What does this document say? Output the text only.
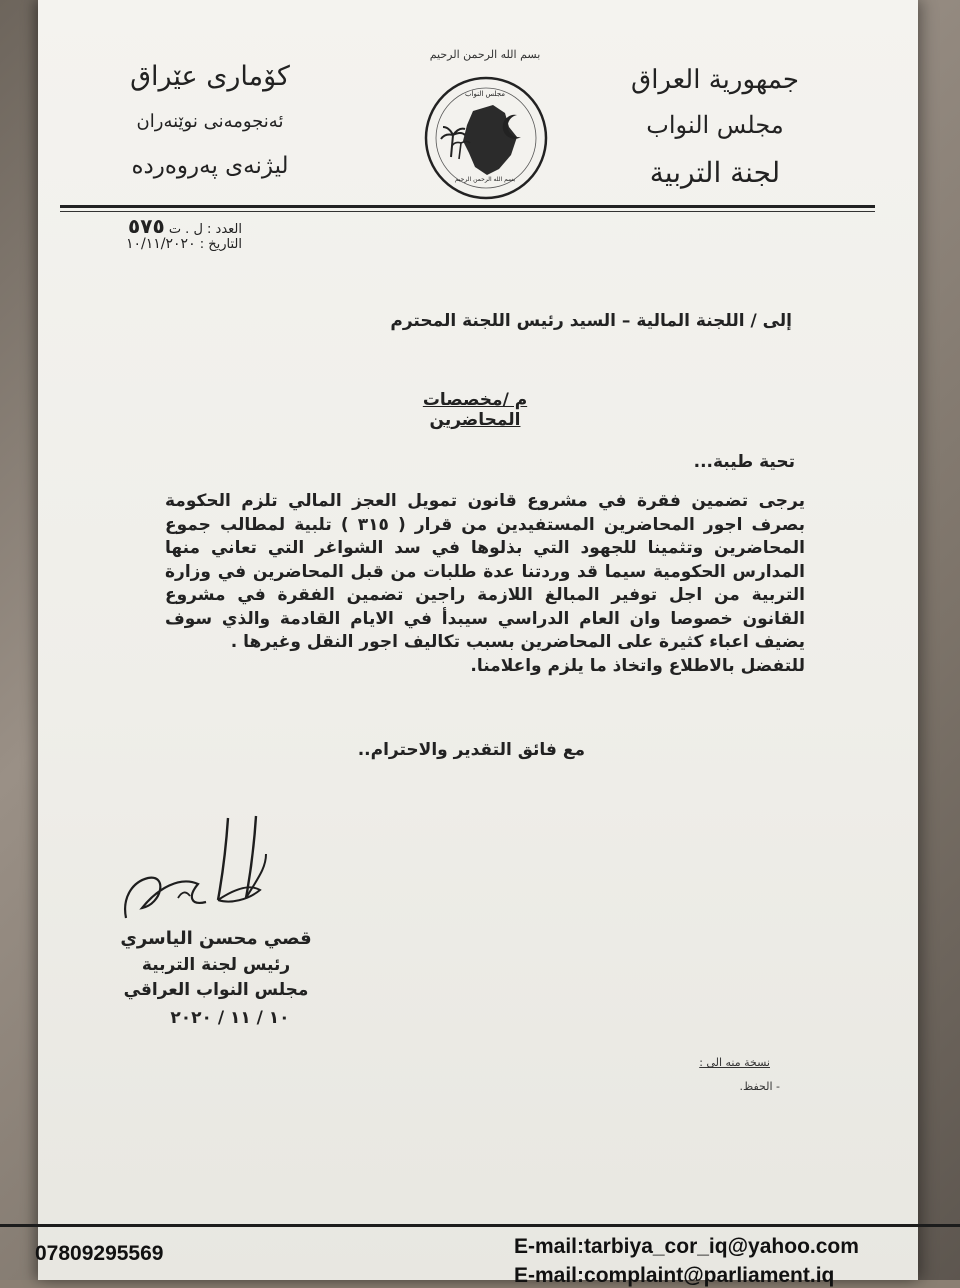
بسم الله الرحمن الرحيم
مجلس النواب
بسم الله الرحمن الرحيم
جمهورية العراق
مجلس النواب
لجنة التربية
کۆماری عێراق
ئەنجومەنی نوێنەران
لیژنەی پەروەردە
العدد : ل . ت ٥٧٥
التاريخ : ١٠/١١/٢٠٢٠
إلى / اللجنة المالية – السيد رئيس اللجنة المحترم
م /مخصصات المحاضرين
تحية طيبة...

يرجى تضمين فقرة في مشروع قانون تمويل العجز المالي تلزم الحكومة بصرف اجور المحاضرين المستفيدين من قرار ( ٣١٥ ) تلبية لمطالب جموع المحاضرين وتثمينا للجهود التي بذلوها في سد الشواغر التي تعاني منها المدارس الحكومية سيما قد وردتنا عدة طلبات من قبل المحاضرين في وزارة التربية من اجل توفير المبالغ اللازمة راجين تضمين الفقرة في مشروع القانون خصوصا وان العام الدراسي سيبدأ في الايام القادمة والذي سوف يضيف اعباء كثيرة على المحاضرين بسبب تكاليف اجور النقل وغيرها .

للتفضل بالاطلاع واتخاذ ما يلزم واعلامنا.

مع فائق التقدير والاحترام..
قصي محسن الياسري
رئيس لجنة التربية
مجلس النواب العراقي
١٠ / ١١ / ٢٠٢٠
نسخة منه الى :
- الحفظ.
07809295569	E-mail:tarbiya_cor_iq@yahoo.com
E-mail:complaint@parliament.iq
